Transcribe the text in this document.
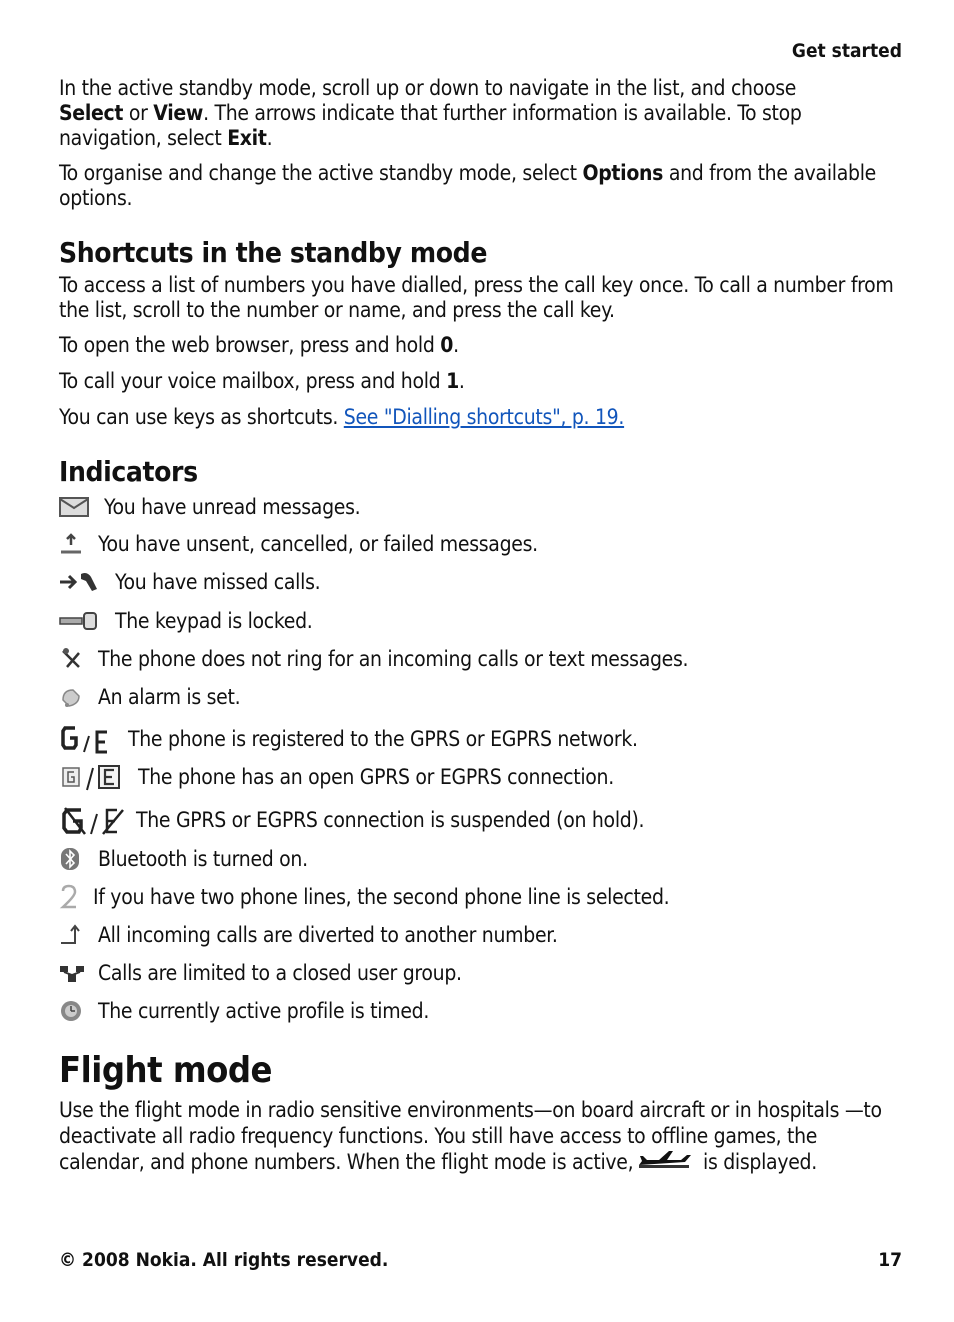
Get started

In the active standby mode, scroll up or down to navigate in the list, and choose
Select or View. The arrows indicate that further information is available. To stop navigation, select Exit.

To organise and change the active standby mode, select Options and from the available options.

Shortcuts in the standby mode

To access a list of numbers you have dialled, press the call key once. To call a number from the list, scroll to the number or name, and press the call key.

To open the web browser, press and hold 0.

To call your voice mailbox, press and hold 1.

You can use keys as shortcuts. See "Dialling shortcuts", p. 19.

Indicators
You have unread messages.
You have unsent, cancelled, or failed messages.
You have missed calls.
The keypad is locked.
The phone does not ring for an incoming calls or text messages.
An alarm is set.
The phone is registered to the GPRS or EGPRS network.
The phone has an open GPRS or EGPRS connection.
The GPRS or EGPRS connection is suspended (on hold).
Bluetooth is turned on.
If you have two phone lines, the second phone line is selected.
All incoming calls are diverted to another number.
Calls are limited to a closed user group.
The currently active profile is timed.
Flight mode

Use the flight mode in radio sensitive environments—on board aircraft or in hospitals —to deactivate all radio frequency functions. You still have access to offline games, the calendar, and phone numbers. When the flight mode is active,	is displayed.

© 2008 Nokia. All rights reserved.	17
